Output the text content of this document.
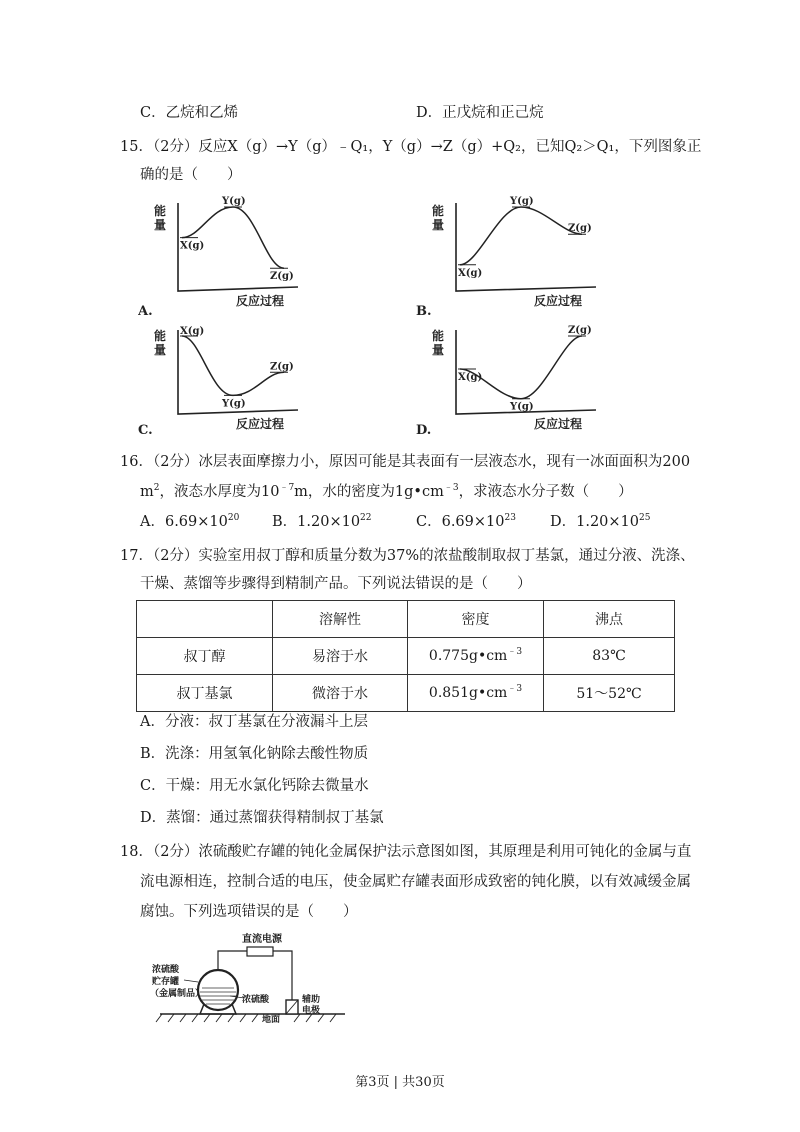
C．乙烷和乙烯	D．正戊烷和正己烷
15．（2分）反应X（g）→Y（g）﹣Q₁，Y（g）→Z（g）+Q₂，已知Q₂＞Q₁，下列图象正
确的是（　　）
能
量
反应过程
A.
X(g)
Y(g)
Z(g)
能
量
反应过程
B.
X(g)
Y(g)
Z(g)
能
量
反应过程
C.
X(g)
Y(g)
Z(g)
能
量
反应过程
D.
X(g)
Y(g)
Z(g)
16．（2分）冰层表面摩擦力小，原因可能是其表面有一层液态水，现有一冰面面积为200
$m^2$，液态水厚度为$10^{﹣7}m$，水的密度为$1g•cm^{﹣3}$，求液态水分子数（　　）
A．$6.69\times 10^{20}$ B．$1.20\times 10^{22}$	C．$6.69\times 10^{23}$ D．$1.20\times 10^{25}$
17．（2分）实验室用叔丁醇和质量分数为37%的浓盐酸制取叔丁基氯，通过分液、洗涤、
干燥、蒸馏等步骤得到精制产品。下列说法错误的是（　　）
	溶解性	密度	沸点
叔丁醇	易溶于水	$0.775g•cm^{﹣3}$	83℃
叔丁基氯	微溶于水	$0.851g•cm^{﹣3}$	51～52℃
A．分液：叔丁基氯在分液漏斗上层
B．洗涤：用氢氧化钠除去酸性物质
C．干燥：用无水氯化钙除去微量水
D．蒸馏：通过蒸馏获得精制叔丁基氯
18．（2分）浓硫酸贮存罐的钝化金属保护法示意图如图，其原理是利用可钝化的金属与直
流电源相连，控制合适的电压，使金属贮存罐表面形成致密的钝化膜，以有效减缓金属
腐蚀。下列选项错误的是（　　）
直流电源
浓硫酸
贮存罐
（金属制品）
浓硫酸
地面
辅助
电极
第3页 | 共30页
